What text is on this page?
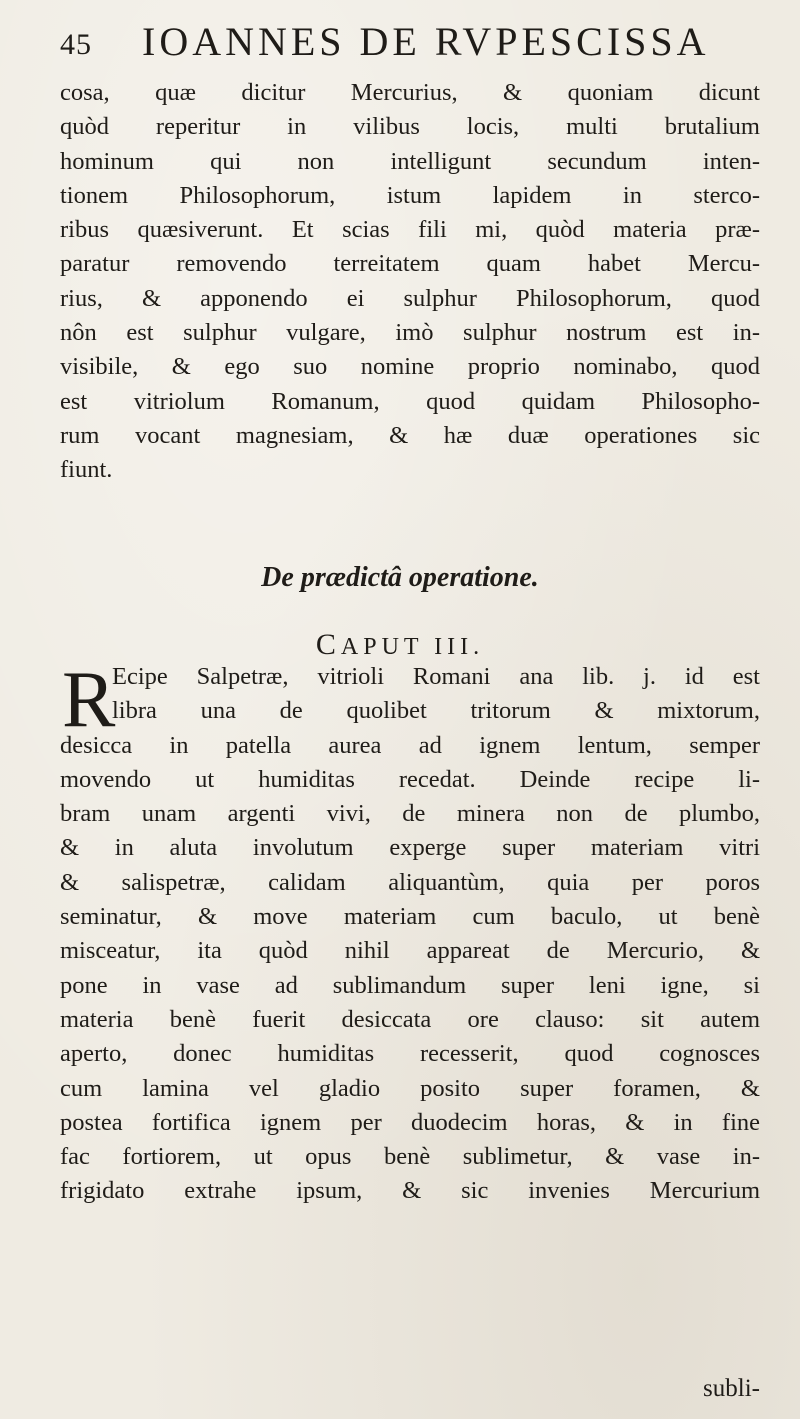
45 IOANNES DE RVPESCISSA
cosa, quæ dicitur Mercurius, & quoniam dicunt
quòd reperitur in vilibus locis, multi brutalium
hominum qui non intelligunt secundum inten-
tionem Philosophorum, istum lapidem in sterco-
ribus quæsiverunt. Et scias fili mi, quòd materia præ-
paratur removendo terreitatem quam habet Mercu-
rius, & apponendo ei sulphur Philosophorum, quod
nôn est sulphur vulgare, imò sulphur nostrum est in-
visibile, & ego suo nomine proprio nominabo, quod
est vitriolum Romanum, quod quidam Philosopho-
rum vocant magnesiam, & hæ duæ operationes sic
fiunt.
De prædictâ operatione.
CAPUT III.
R
Ecipe Salpetræ, vitrioli Romani ana lib. j. id est
libra una de quolibet tritorum & mixtorum,
desicca in patella aurea ad ignem lentum, semper
movendo ut humiditas recedat. Deinde recipe li-
bram unam argenti vivi, de minera non de plumbo,
& in aluta involutum experge super materiam vitri
& salispetræ, calidam aliquantùm, quia per poros
seminatur, & move materiam cum baculo, ut benè
misceatur, ita quòd nihil appareat de Mercurio, &
pone in vase ad sublimandum super leni igne, si
materia benè fuerit desiccata ore clauso: sit autem
aperto, donec humiditas recesserit, quod cognosces
cum lamina vel gladio posito super foramen, &
postea fortifica ignem per duodecim horas, & in fine
fac fortiorem, ut opus benè sublimetur, & vase in-
frigidato extrahe ipsum, & sic invenies Mercurium
subli-
